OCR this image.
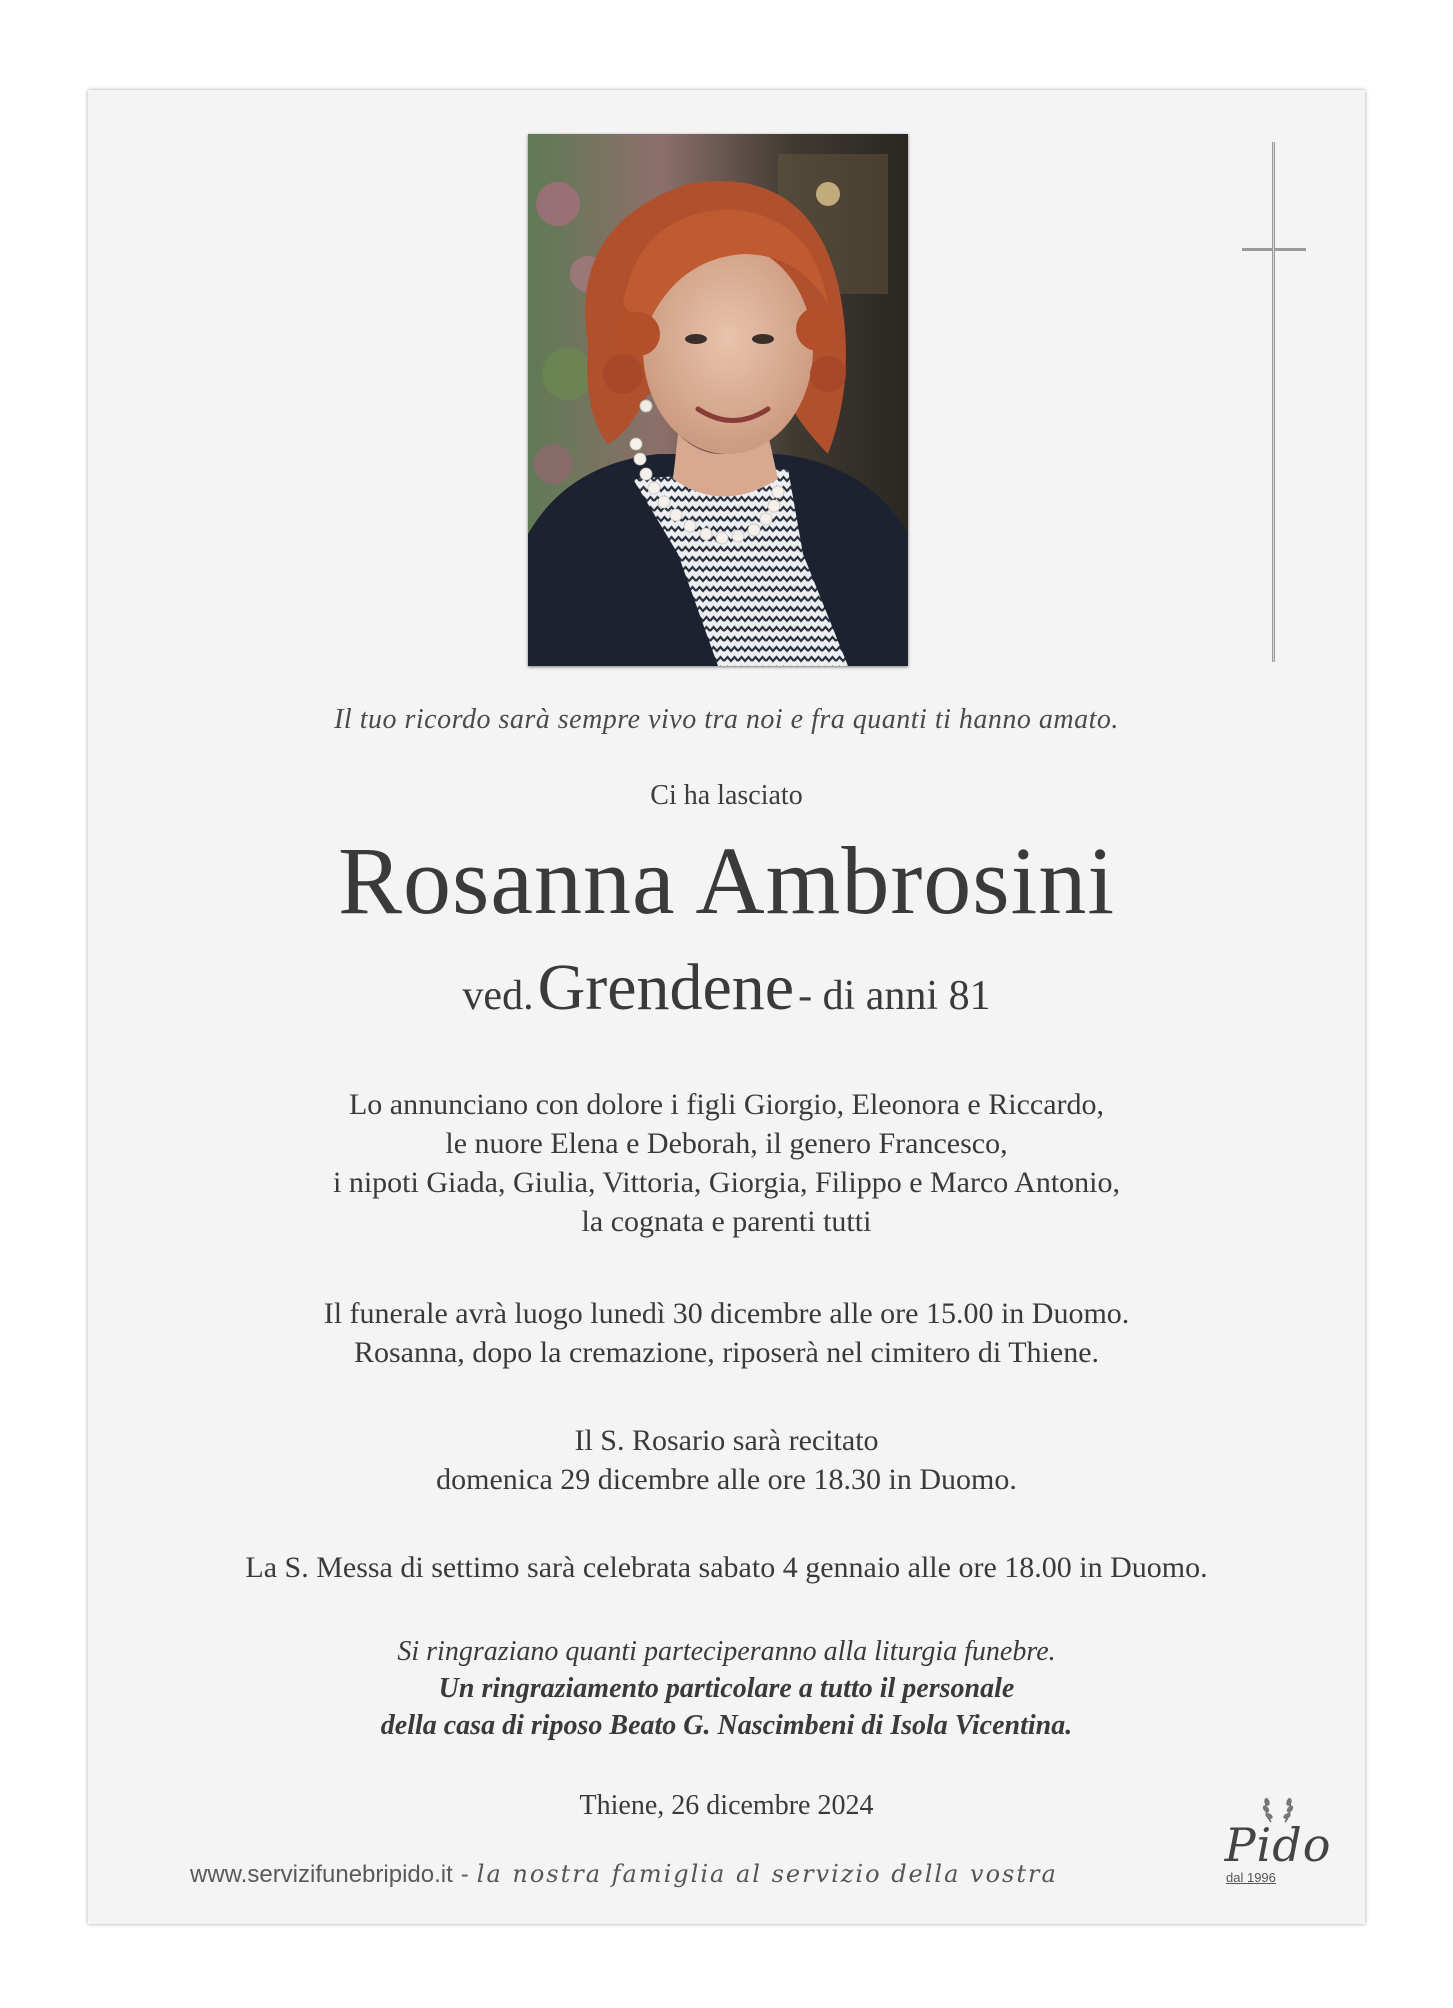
Il tuo ricordo sarà sempre vivo tra noi e fra quanti ti hanno amato.
Ci ha lasciato
Rosanna Ambrosini
ved. Grendene - di anni 81
Lo annunciano con dolore i figli Giorgio, Eleonora e Riccardo,
le nuore Elena e Deborah, il genero Francesco,
i nipoti Giada, Giulia, Vittoria, Giorgia, Filippo e Marco Antonio,
la cognata e parenti tutti
Il funerale avrà luogo lunedì 30 dicembre alle ore 15.00 in Duomo.
Rosanna, dopo la cremazione, riposerà nel cimitero di Thiene.
Il S. Rosario sarà recitato
domenica 29 dicembre alle ore 18.30 in Duomo.
La S. Messa di settimo sarà celebrata sabato 4 gennaio alle ore 18.00 in Duomo.
Si ringraziano quanti parteciperanno alla liturgia funebre.
Un ringraziamento particolare a tutto il personale
della casa di riposo Beato G. Nascimbeni di Isola Vicentina.
Thiene, 26 dicembre 2024
www.servizifunebripido.it - la nostra famiglia al servizio della vostra
Pido
dal 1996
